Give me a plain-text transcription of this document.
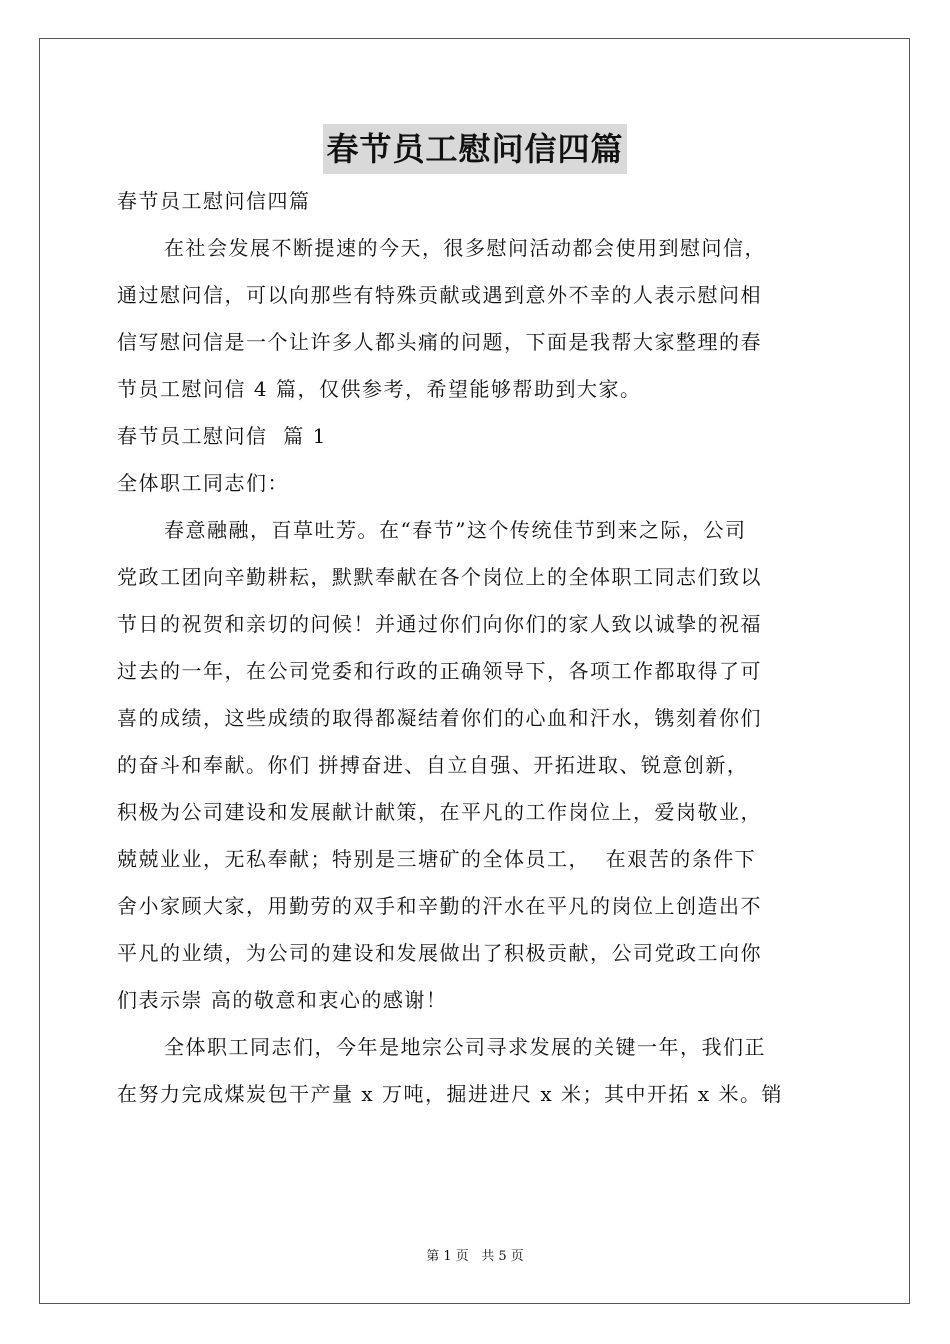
春节员工慰问信四篇
春节员工慰问信四篇
在社会发展不断提速的今天，很多慰问活动都会使用到慰问信，
通过慰问信，可以向那些有特殊贡献或遇到意外不幸的人表示慰问相
信写慰问信是一个让许多人都头痛的问题，下面是我帮大家整理的春
节员工慰问信 4 篇，仅供参考，希望能够帮助到大家。
春节员工慰问信  篇 1
全体职工同志们：
春意融融，百草吐芳。在“春节”这个传统佳节到来之际，公司
党政工团向辛勤耕耘，默默奉献在各个岗位上的全体职工同志们致以
节日的祝贺和亲切的问候！并通过你们向你们的家人致以诚挚的祝福
过去的一年，在公司党委和行政的正确领导下，各项工作都取得了可
喜的成绩，这些成绩的取得都凝结着你们的心血和汗水，镌刻着你们
的奋斗和奉献。你们 拼搏奋进、自立自强、开拓进取、锐意创新，
积极为公司建设和发展献计献策，在平凡的工作岗位上，爱岗敬业，
兢兢业业，无私奉献；特别是三塘矿的全体员工，  在艰苦的条件下
舍小家顾大家，用勤劳的双手和辛勤的汗水在平凡的岗位上创造出不
平凡的业绩，为公司的建设和发展做出了积极贡献，公司党政工向你
们表示崇 高的敬意和衷心的感谢！
全体职工同志们，今年是地宗公司寻求发展的关键一年，我们正
在努力完成煤炭包干产量 x 万吨，掘进进尺 x 米；其中开拓 x 米。销
第 1 页   共 5 页
